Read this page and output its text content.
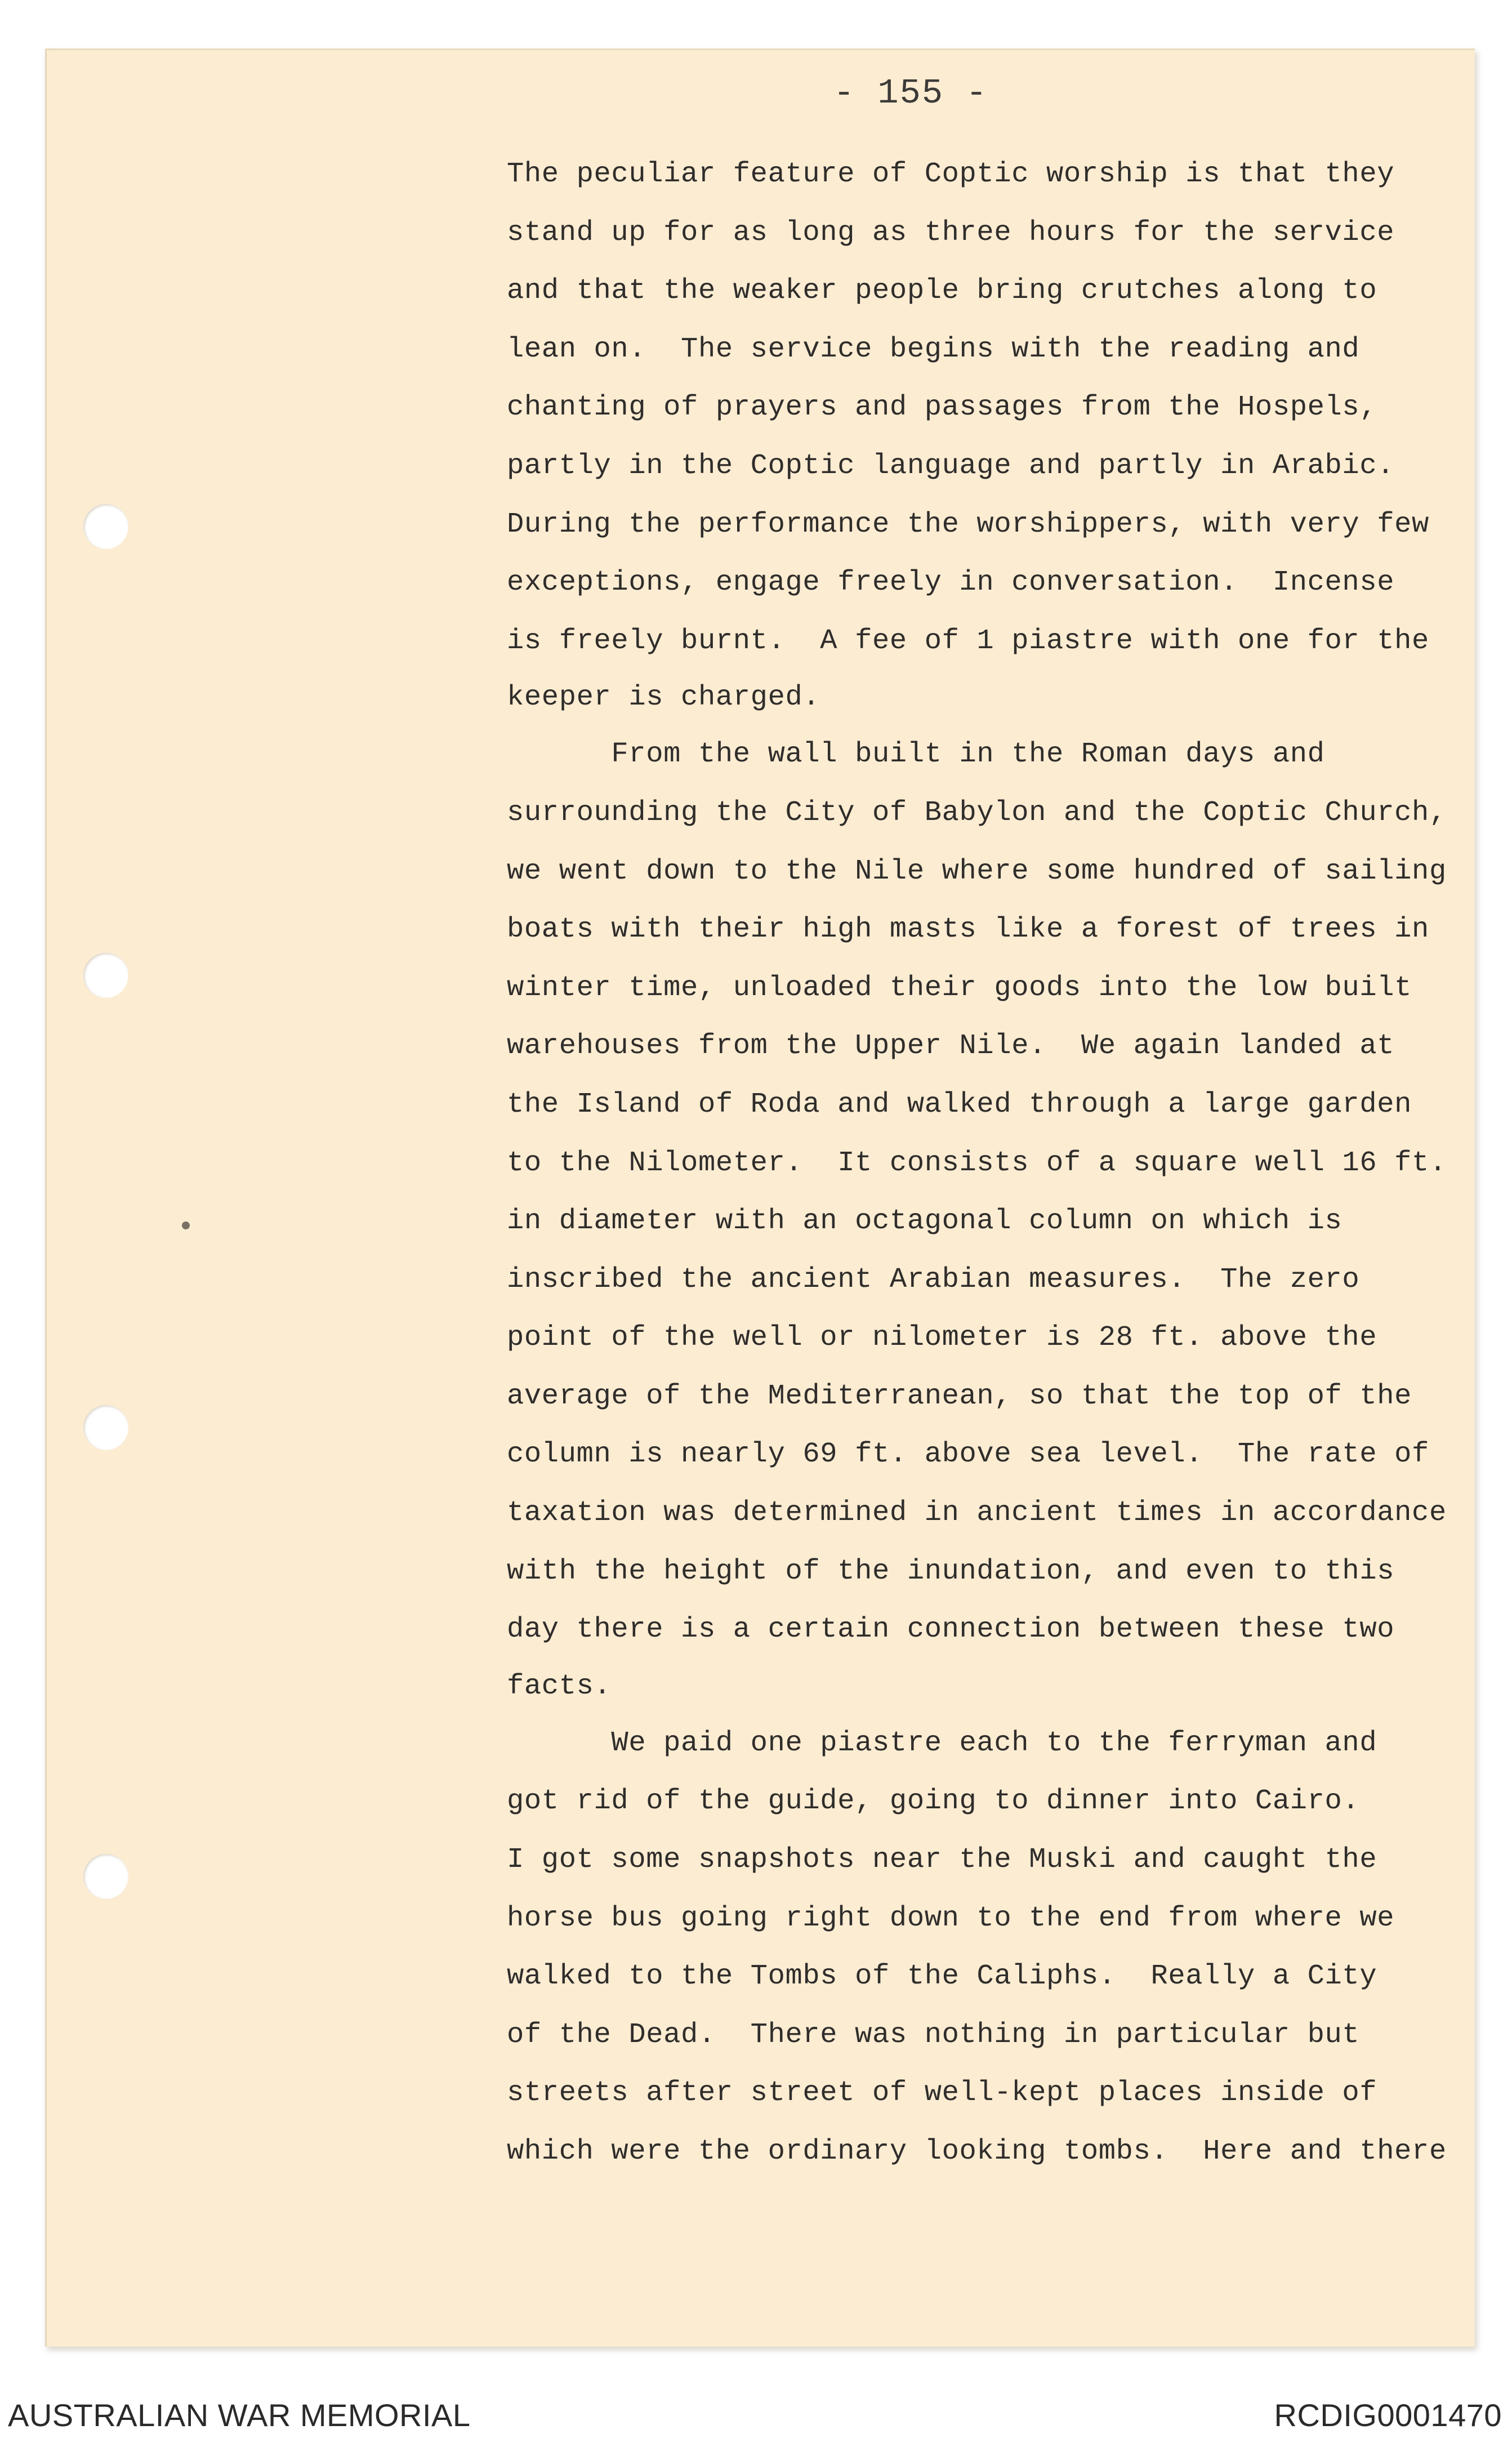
- 155 -
The peculiar feature of Coptic worship is that they
stand up for as long as three hours for the service
and that the weaker people bring crutches along to
lean on.  The service begins with the reading and
chanting of prayers and passages from the Hospels,
partly in the Coptic language and partly in Arabic.
During the performance the worshippers, with very few
exceptions, engage freely in conversation.  Incense
is freely burnt.  A fee of 1 piastre with one for the
keeper is charged.
From the wall built in the Roman days and
surrounding the City of Babylon and the Coptic Church,
we went down to the Nile where some hundred of sailing
boats with their high masts like a forest of trees in
winter time, unloaded their goods into the low built
warehouses from the Upper Nile.  We again landed at
the Island of Roda and walked through a large garden
to the Nilometer.  It consists of a square well 16 ft.
in diameter with an octagonal column on which is
inscribed the ancient Arabian measures.  The zero
point of the well or nilometer is 28 ft. above the
average of the Mediterranean, so that the top of the
column is nearly 69 ft. above sea level.  The rate of
taxation was determined in ancient times in accordance
with the height of the inundation, and even to this
day there is a certain connection between these two
facts.
We paid one piastre each to the ferryman and
got rid of the guide, going to dinner into Cairo.
I got some snapshots near the Muski and caught the
horse bus going right down to the end from where we
walked to the Tombs of the Caliphs.  Really a City
of the Dead.  There was nothing in particular but
streets after street of well-kept places inside of
which were the ordinary looking tombs.  Here and there
AUSTRALIAN WAR MEMORIAL	RCDIG0001470
